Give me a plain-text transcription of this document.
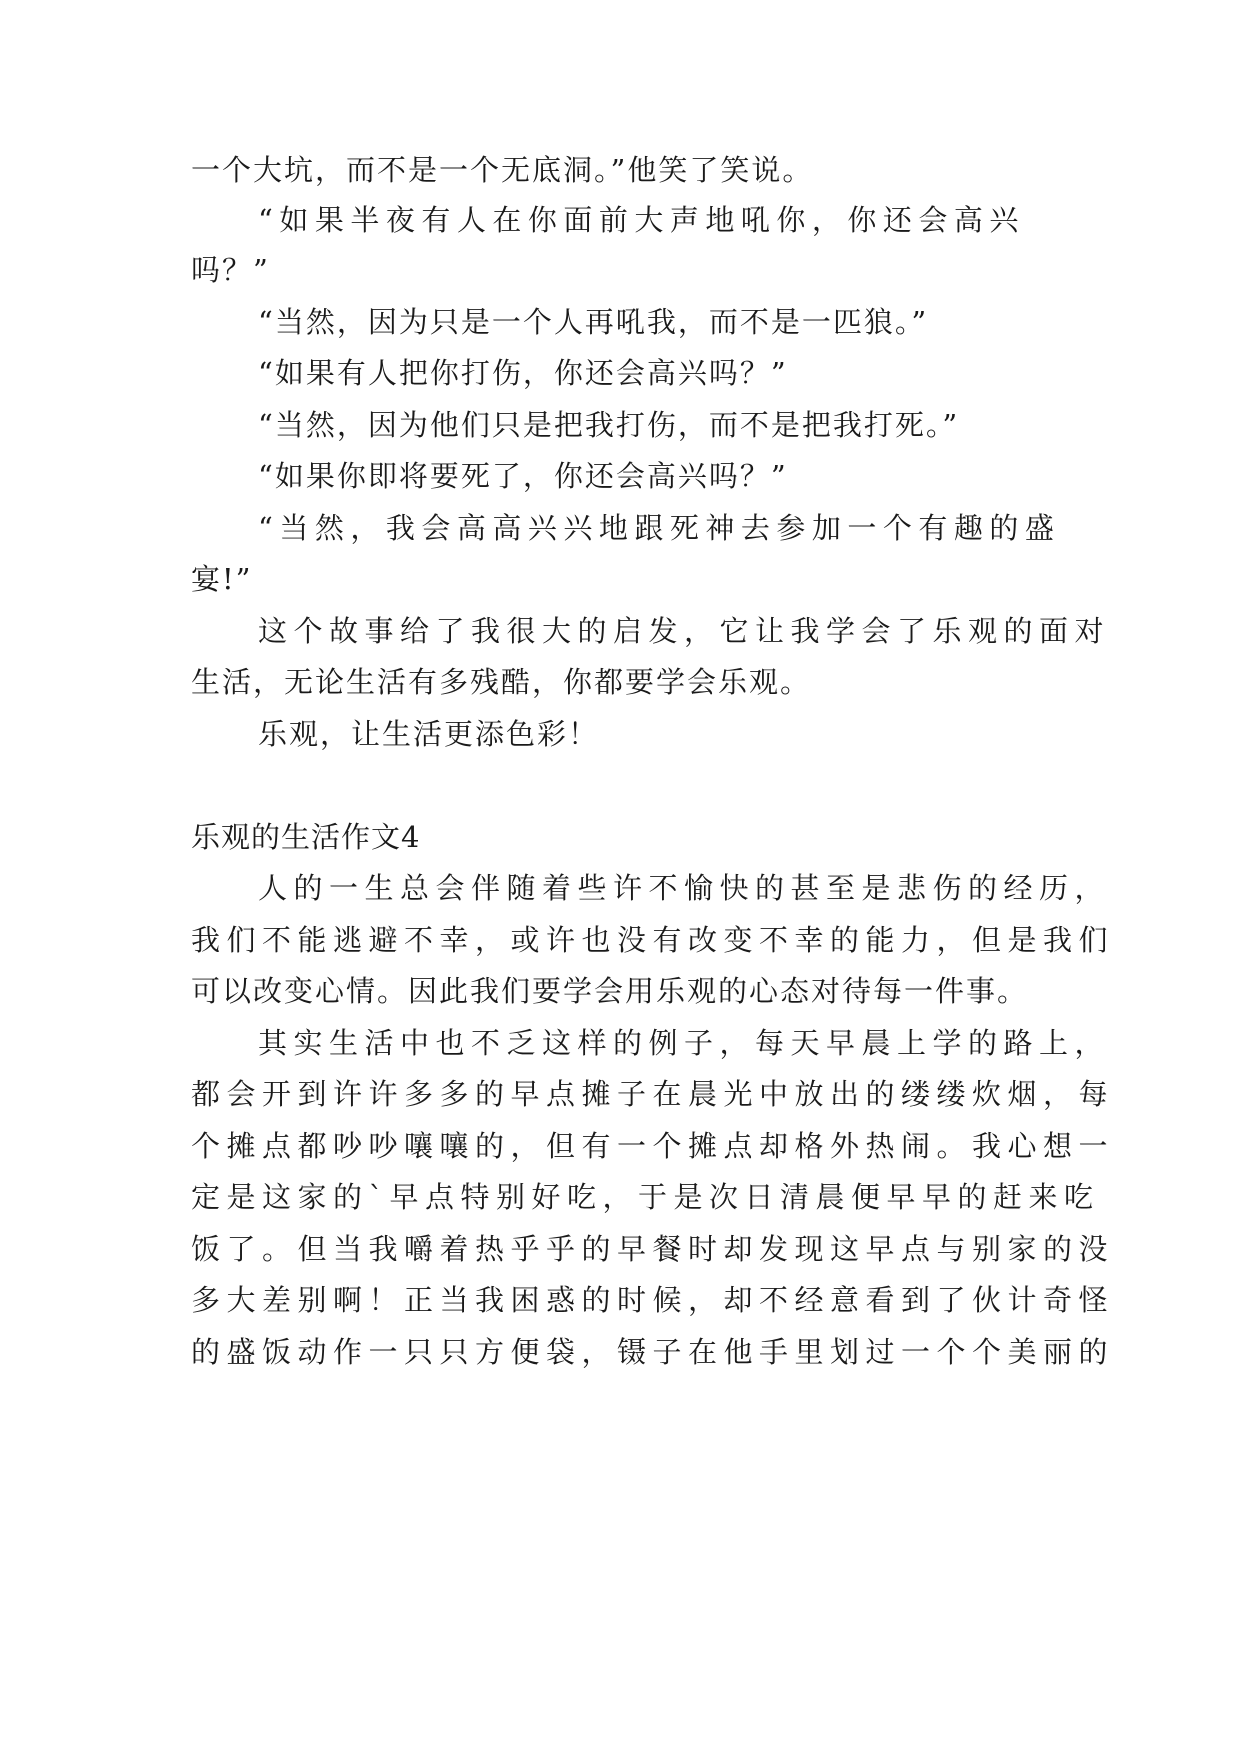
一个大坑，而不是一个无底洞。”他笑了笑说。
“如果半夜有人在你面前大声地吼你，你还会高兴
吗？”
“当然，因为只是一个人再吼我，而不是一匹狼。”
“如果有人把你打伤，你还会高兴吗？”
“当然，因为他们只是把我打伤，而不是把我打死。”
“如果你即将要死了，你还会高兴吗？”
“当然，我会高高兴兴地跟死神去参加一个有趣的盛
宴!”
这个故事给了我很大的启发，它让我学会了乐观的面对
生活，无论生活有多残酷，你都要学会乐观。
乐观，让生活更添色彩！
乐观的生活作文4
人的一生总会伴随着些许不愉快的甚至是悲伤的经历，
我们不能逃避不幸，或许也没有改变不幸的能力，但是我们
可以改变心情。因此我们要学会用乐观的心态对待每一件事。
其实生活中也不乏这样的例子，每天早晨上学的路上，
都会开到许许多多的早点摊子在晨光中放出的缕缕炊烟，每
个摊点都吵吵嚷嚷的，但有一个摊点却格外热闹。我心想一
定是这家的`早点特别好吃，于是次日清晨便早早的赶来吃
饭了。但当我嚼着热乎乎的早餐时却发现这早点与别家的没
多大差别啊！正当我困惑的时候，却不经意看到了伙计奇怪
的盛饭动作一只只方便袋，镊子在他手里划过一个个美丽的
